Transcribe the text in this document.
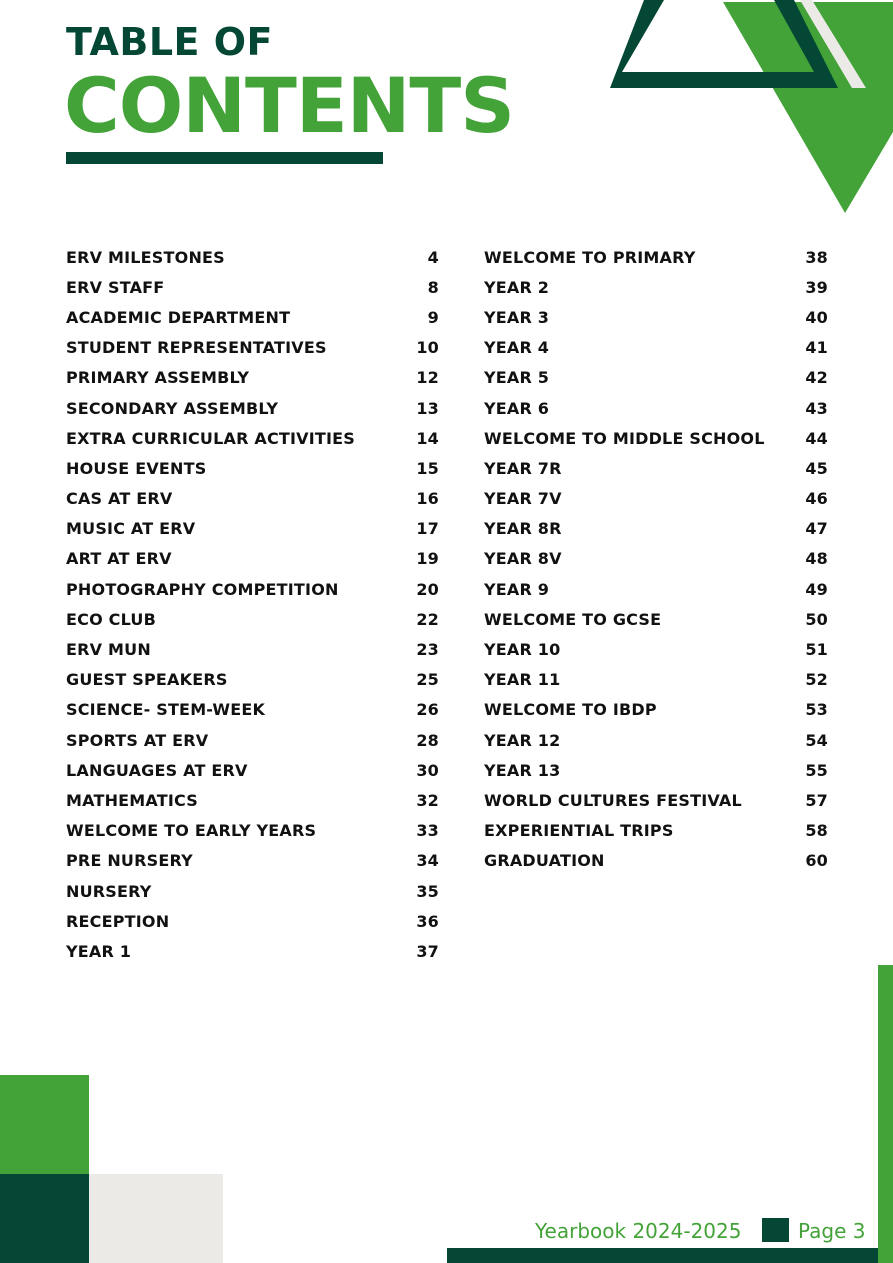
TABLE OF
CONTENTS
ERV MILESTONES	4
ERV STAFF	8
ACADEMIC DEPARTMENT	9
STUDENT REPRESENTATIVES	10
PRIMARY ASSEMBLY	12
SECONDARY ASSEMBLY	13
EXTRA CURRICULAR ACTIVITIES	14
HOUSE EVENTS	15
CAS AT ERV	16
MUSIC AT ERV	17
ART AT ERV	19
PHOTOGRAPHY COMPETITION	20
ECO CLUB	22
ERV MUN	23
GUEST SPEAKERS	25
SCIENCE- STEM-WEEK	26
SPORTS AT ERV	28
LANGUAGES AT ERV	30
MATHEMATICS	32
WELCOME TO EARLY YEARS	33
PRE NURSERY	34
NURSERY	35
RECEPTION	36
YEAR 1	37
WELCOME TO PRIMARY	38
YEAR 2	39
YEAR 3	40
YEAR 4	41
YEAR 5	42
YEAR 6	43
WELCOME TO MIDDLE SCHOOL	44
YEAR 7R	45
YEAR 7V	46
YEAR 8R	47
YEAR 8V	48
YEAR 9	49
WELCOME TO GCSE	50
YEAR 10	51
YEAR 11	52
WELCOME TO IBDP	53
YEAR 12	54
YEAR 13	55
WORLD CULTURES FESTIVAL	57
EXPERIENTIAL TRIPS	58
GRADUATION	60
Yearbook 2024-2025	Page 3
